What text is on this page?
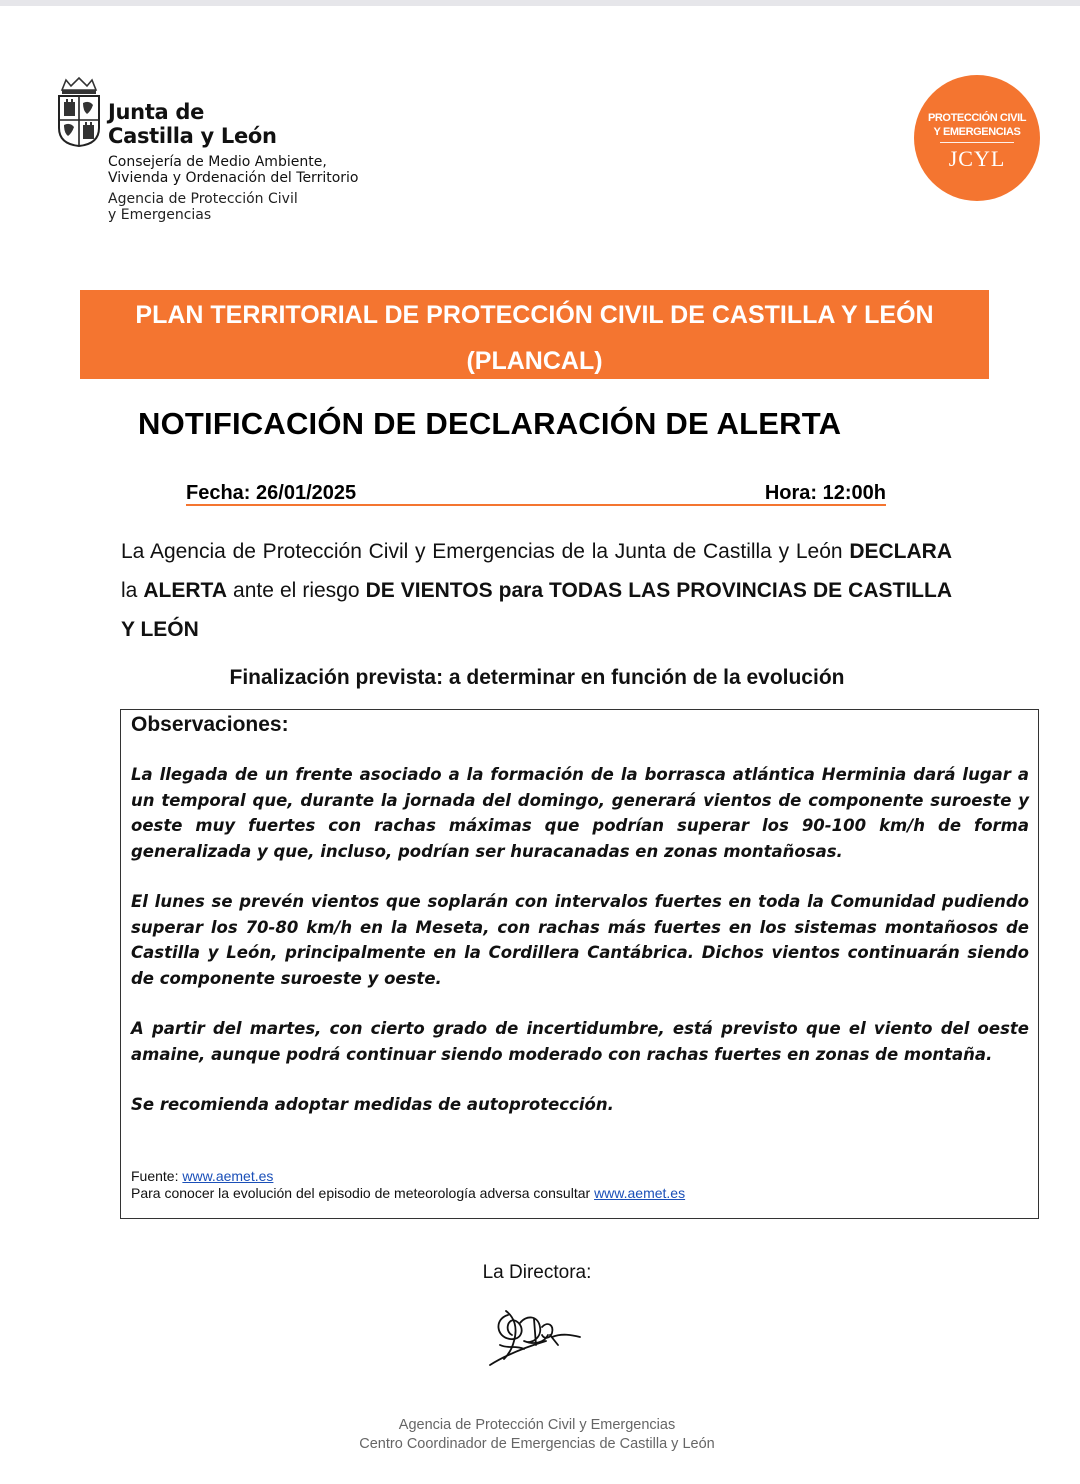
Junta de
Castilla y León
Consejería de Medio Ambiente,
Vivienda y Ordenación del Territorio
Agencia de Protección Civil
y Emergencias
PROTECCIÓN CIVIL
Y EMERGENCIAS
JCYL
PLAN TERRITORIAL DE PROTECCIÓN CIVIL DE CASTILLA Y LEÓN
(PLANCAL)
NOTIFICACIÓN DE DECLARACIÓN DE ALERTA
Fecha: 26/01/2025	Hora: 12:00h
La Agencia de Protección Civil y Emergencias de la Junta de Castilla y León DECLARA la ALERTA ante el riesgo DE VIENTOS para TODAS LAS PROVINCIAS DE CASTILLA Y LEÓN
Finalización prevista: a determinar en función de la evolución
Observaciones:

La llegada de un frente asociado a la formación de la borrasca atlántica Herminia dará lugar a un temporal que, durante la jornada del domingo, generará vientos de componente suroeste y oeste muy fuertes con rachas máximas que podrían superar los 90-100 km/h de forma generalizada y que, incluso, podrían ser huracanadas en zonas montañosas.

El lunes se prevén vientos que soplarán con intervalos fuertes en toda la Comunidad pudiendo superar los 70-80 km/h en la Meseta, con rachas más fuertes en los sistemas montañosos de Castilla y León, principalmente en la Cordillera Cantábrica. Dichos vientos continuarán siendo de componente suroeste y oeste.

A partir del martes, con cierto grado de incertidumbre, está previsto que el viento del oeste amaine, aunque podrá continuar siendo moderado con rachas fuertes en zonas de montaña.

Se recomienda adoptar medidas de autoprotección.

Fuente: www.aemet.es
Para conocer la evolución del episodio de meteorología adversa consultar www.aemet.es
La Directora:
Agencia de Protección Civil y Emergencias
Centro Coordinador de Emergencias de Castilla y León
